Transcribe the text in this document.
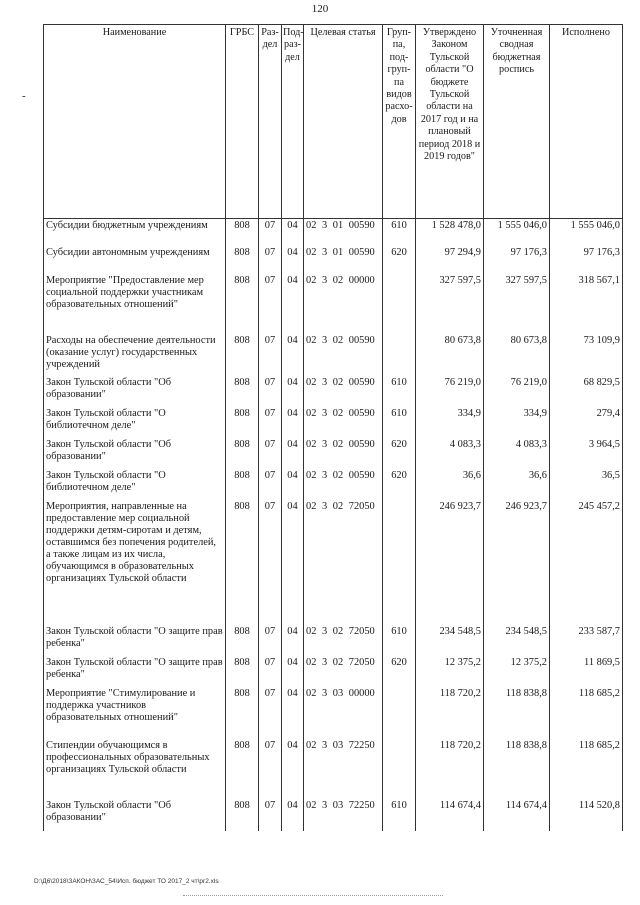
120
-
Наименование	ГРБС	Раз-дел	Под-раз-дел	Целевая статья	Груп-па, под-груп-па видов расхо-дов	Утверждено Законом Тульской области "О бюджете Тульской области на 2017 год и на плановый период 2018 и 2019 годов"	Уточненная сводная бюджетная роспись	Исполнено
Субсидии бюджетным учреждениям	808	07	04	02 3 01 00590	610	1 528 478,0	1 555 046,0	1 555 046,0
Субсидии автономным учреждениям	808	07	04	02 3 01 00590	620	97 294,9	97 176,3	97 176,3
Мероприятие "Предоставление мер социальной поддержки участникам образовательных отношений"	808	07	04	02 3 02 00000		327 597,5	327 597,5	318 567,1
Расходы на обеспечение деятельности (оказание услуг) государственных учреждений	808	07	04	02 3 02 00590		80 673,8	80 673,8	73 109,9
Закон Тульской области "Об образовании"	808	07	04	02 3 02 00590	610	76 219,0	76 219,0	68 829,5
Закон Тульской области "О библиотечном деле"	808	07	04	02 3 02 00590	610	334,9	334,9	279,4
Закон Тульской области "Об образовании"	808	07	04	02 3 02 00590	620	4 083,3	4 083,3	3 964,5
Закон Тульской области "О библиотечном деле"	808	07	04	02 3 02 00590	620	36,6	36,6	36,5
Мероприятия, направленные на предоставление мер социальной поддержки детям-сиротам и детям, оставшимся без попечения родителей, а также лицам из их числа, обучающимся в образовательных организациях Тульской области	808	07	04	02 3 02 72050		246 923,7	246 923,7	245 457,2
Закон Тульской области "О защите прав ребенка"	808	07	04	02 3 02 72050	610	234 548,5	234 548,5	233 587,7
Закон Тульской области "О защите прав ребенка"	808	07	04	02 3 02 72050	620	12 375,2	12 375,2	11 869,5
Мероприятие "Стимулирование и поддержка участников образовательных отношений"	808	07	04	02 3 03 00000		118 720,2	118 838,8	118 685,2
Стипендии обучающимся в профессиональных образовательных организациях Тульской области	808	07	04	02 3 03 72250		118 720,2	118 838,8	118 685,2
Закон Тульской области "Об образовании"	808	07	04	02 3 03 72250	610	114 674,4	114 674,4	114 520,8
D:\Д6\2018\ЗАКОН\ЗАС_54\Исп. бюджет ТО 2017_2 чт\pr2.xls
